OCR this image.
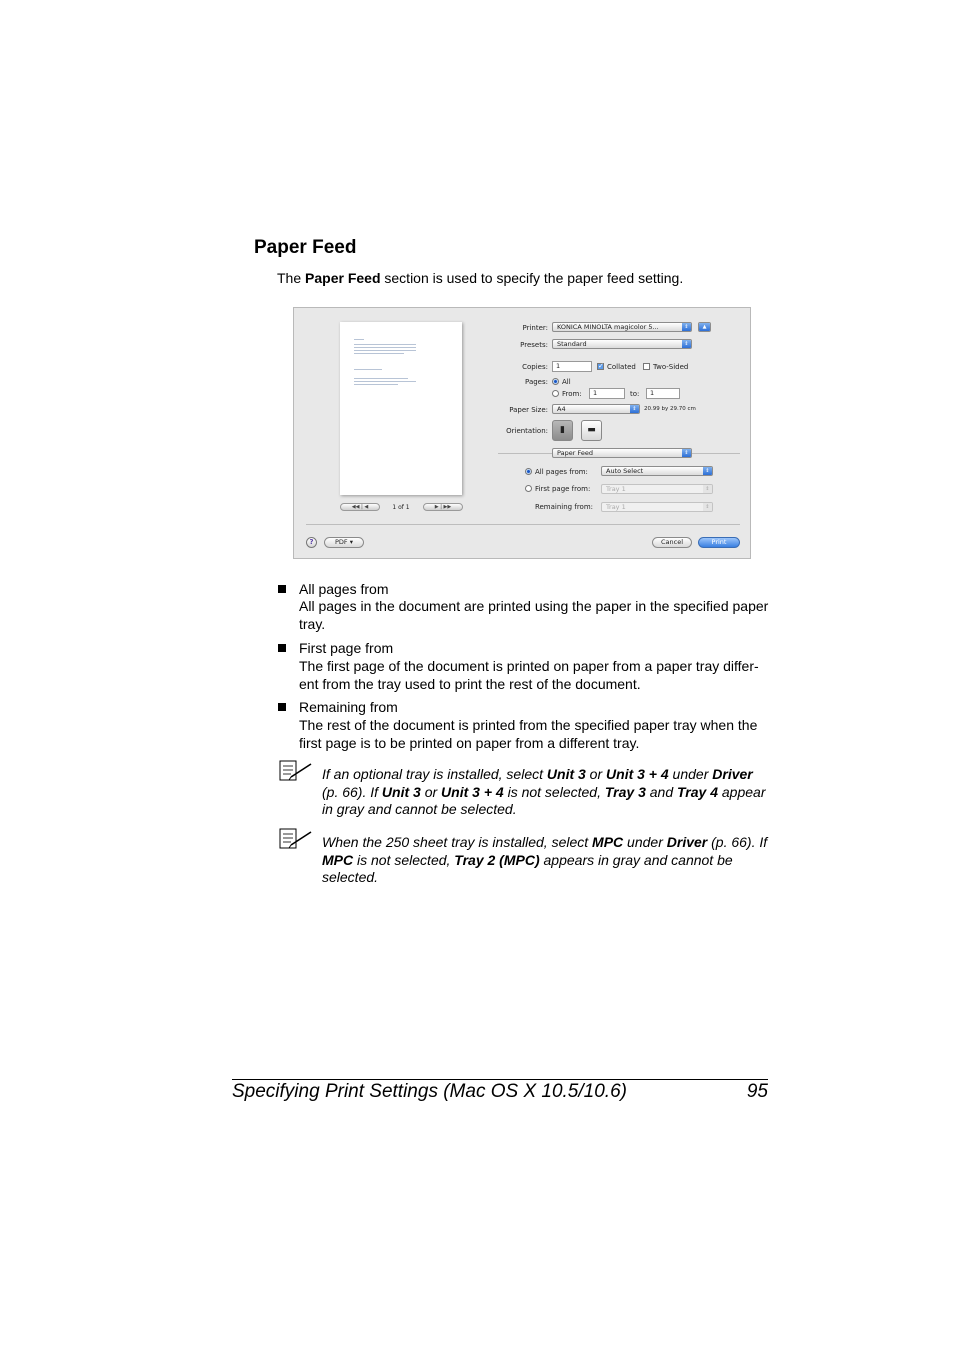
Paper Feed
The Paper Feed section is used to specify the paper feed setting.
◀◀ | ◀	1 of 1	▶ | ▶▶
Printer:	KONICA MINOLTA magicolor 5...	⇕	▲
Presets:	Standard	⇕
Copies:	1	✓ Collated Two-Sided
Pages: All
From:	1	to:	1
Paper Size:	A4	⇕	20.99 by 29.70 cm
Orientation:	▮	▬
Paper Feed	⇕
All pages from:	Auto Select	⇕
First page from:	Tray 1	⇕
Remaining from:	Tray 1	⇕
?	PDF ▾	Cancel	Print
All pages from
All pages in the document are printed using the paper in the specified paper tray.
First page from
The first page of the document is printed on paper from a paper tray differ-ent from the tray used to print the rest of the document.
Remaining from
The rest of the document is printed from the specified paper tray when the first page is to be printed on paper from a different tray.
If an optional tray is installed, select Unit 3 or Unit 3 + 4 under Driver (p. 66). If Unit 3 or Unit 3 + 4 is not selected, Tray 3 and Tray 4 appear in gray and cannot be selected.
When the 250 sheet tray is installed, select MPC under Driver (p. 66). If MPC is not selected, Tray 2 (MPC) appears in gray and cannot be selected.
Specifying Print Settings (Mac OS X 10.5/10.6)	95
